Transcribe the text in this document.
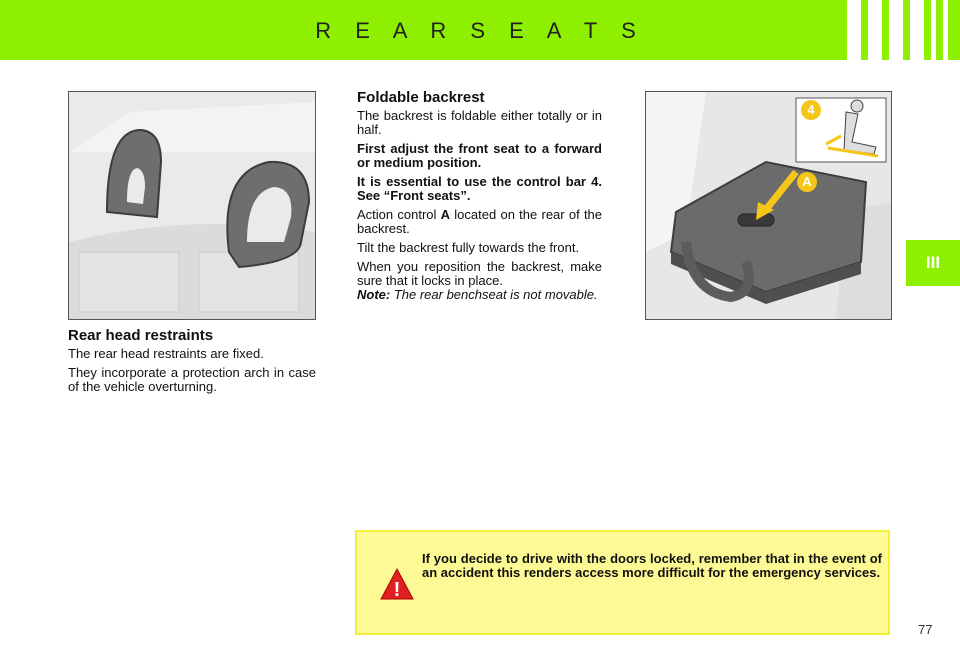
R E A R S E A T S
III
Rear head restraints

The rear head restraints are fixed.

They incorporate a protection arch in case of the vehicle overturning.

Foldable backrest

The backrest is foldable either totally or in half.

First adjust the front seat to a forward or medium position.

It is essential to use the control bar 4. See “Front seats”.

Action control A located on the rear of the backrest.

Tilt the backrest fully towards the front.

When you reposition the backrest, make sure that it locks in place.

Note: The rear benchseat is not movable.

4
A
!
If you decide to drive with the doors locked, remember that in the event of an accident this renders access more difficult for the emergency services.
77
